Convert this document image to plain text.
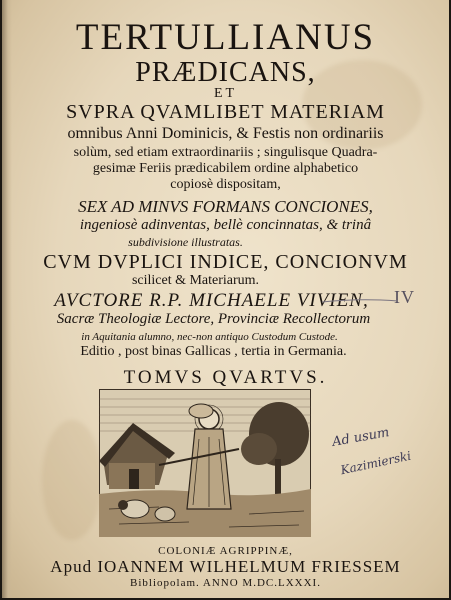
TERTULLIANUS
PRÆDICANS,
ET
SVPRA QVAMLIBET MATERIAM
omnibus Anni Dominicis, & Festis non ordinariis
solùm, sed etiam extraordinariis ; singulisque Quadra-
gesimæ Feriis prædicabilem ordine alphabetico
copiosè dispositam,
SEX AD MINVS FORMANS CONCIONES,
ingeniosè adinventas, bellè concinnatas, & trinâ
subdivisione illustratas.
CVM DVPLICI INDICE, CONCIONVM
scilicet & Materiarum.
AVCTORE R.P. MICHAELE VIVIEN,
Sacræ Theologiæ Lectore, Provinciæ Recollectorum
in Aquitania alumno, nec-non antiquo Custodum Custode.
Editio , post binas Gallicas , tertia in Germania.
TOMVS QVARTVS.
IV
Ad usum
Kazimierski
COLONIÆ AGRIPPINÆ,
Apud IOANNEM WILHELMUM FRIESSEM
Bibliopolam. ANNO M.DC.LXXXI.
